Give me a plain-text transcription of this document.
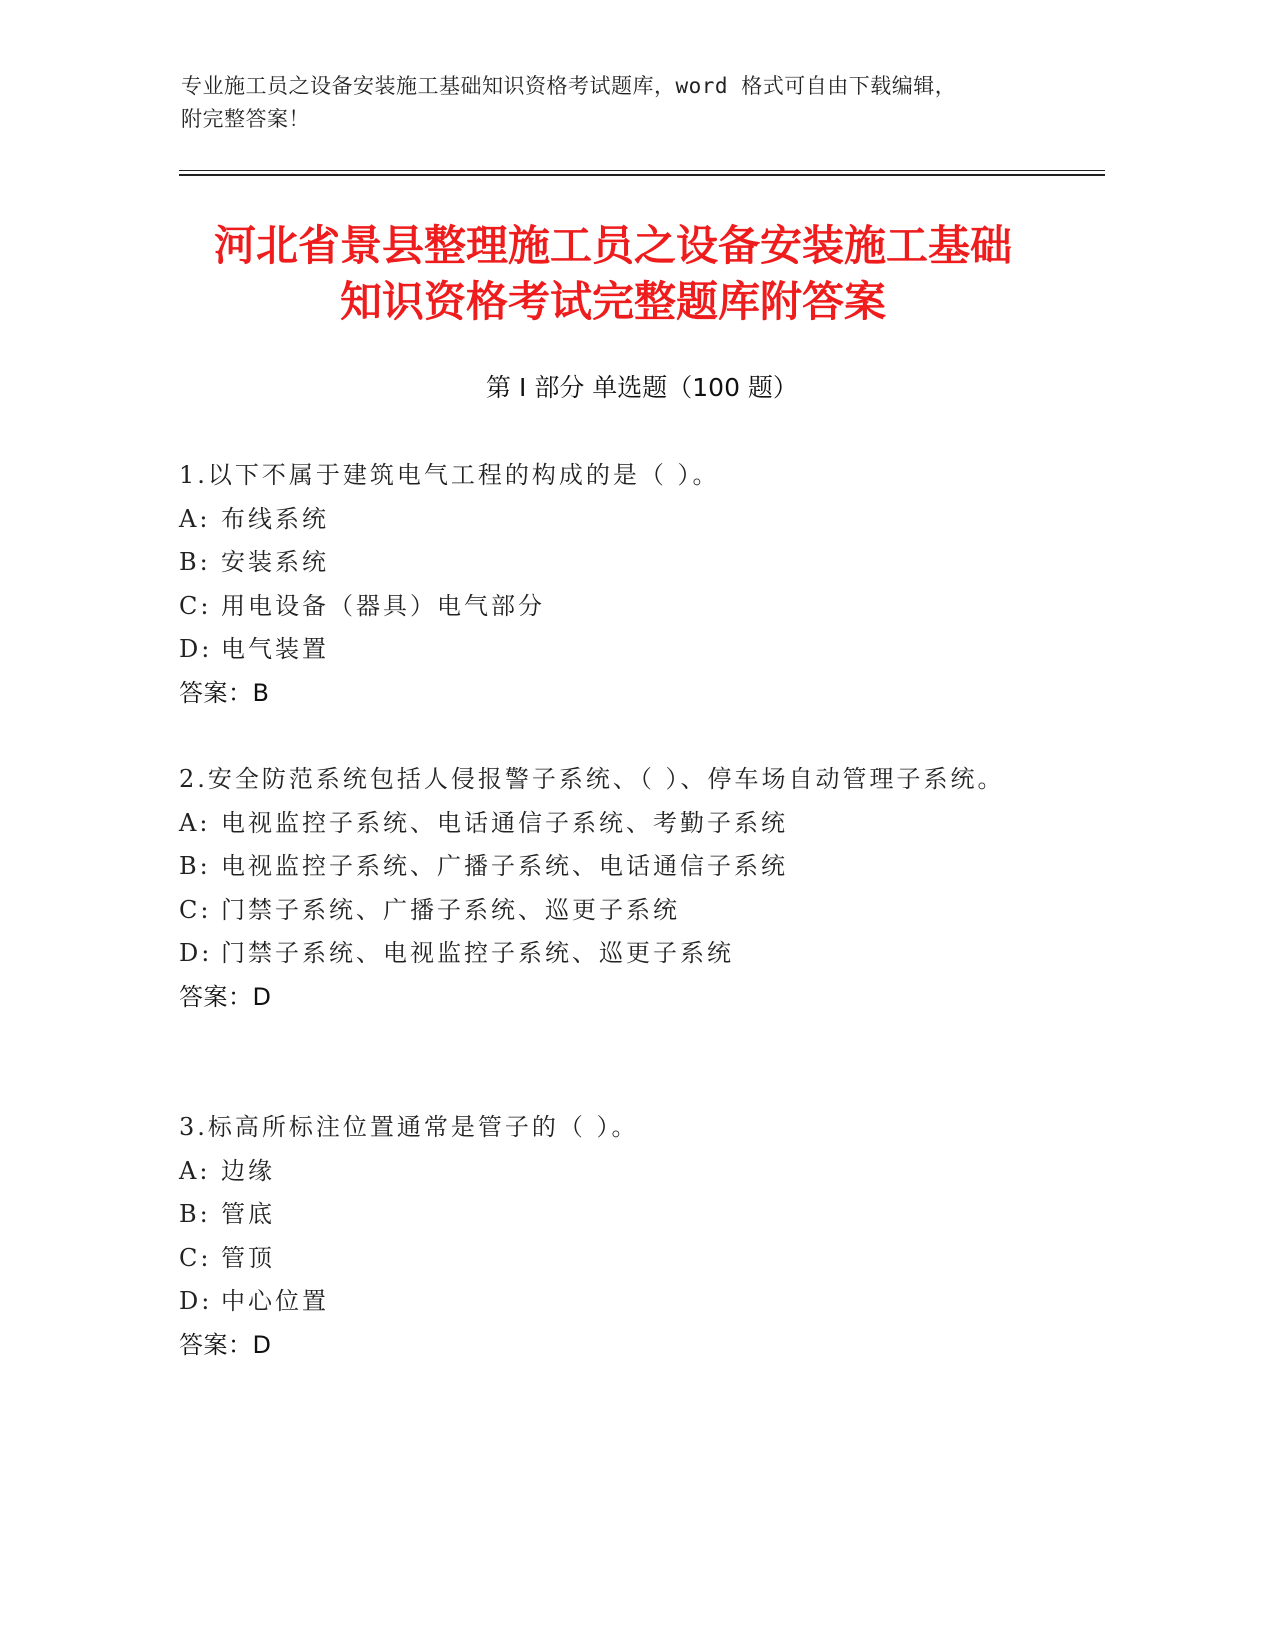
专业施工员之设备安装施工基础知识资格考试题库，word 格式可自由下载编辑，
附完整答案！
河北省景县整理施工员之设备安装施工基础
知识资格考试完整题库附答案
第 I 部分 单选题（100 题）
1.以下不属于建筑电气工程的构成的是（ ）。
A: 布线系统
B: 安装系统
C: 用电设备（器具）电气部分
D: 电气装置
答案：B
2.安全防范系统包括人侵报警子系统、（ ）、停车场自动管理子系统。
A: 电视监控子系统、电话通信子系统、考勤子系统
B: 电视监控子系统、广播子系统、电话通信子系统
C: 门禁子系统、广播子系统、巡更子系统
D: 门禁子系统、电视监控子系统、巡更子系统
答案：D
3.标高所标注位置通常是管子的（ ）。
A: 边缘
B: 管底
C: 管顶
D: 中心位置
答案：D
